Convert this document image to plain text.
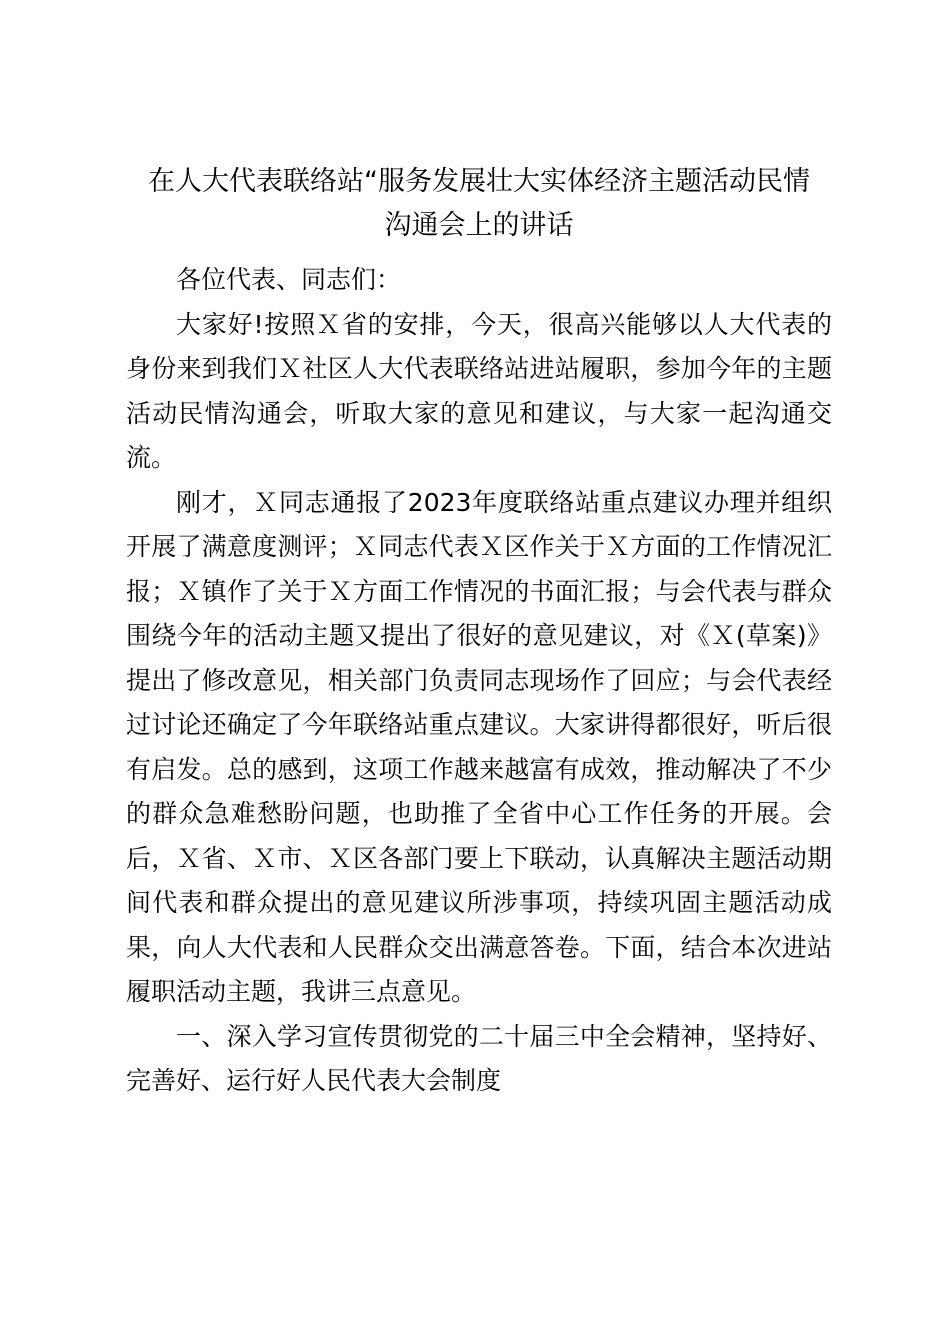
在人大代表联络站“服务发展壮大实体经济主题活动民情
沟通会上的讲话

各位代表、同志们：

大家好!按照Ｘ省的安排，今天，很高兴能够以人大代表的身份来到我们Ｘ社区人大代表联络站进站履职，参加今年的主题活动民情沟通会，听取大家的意见和建议，与大家一起沟通交流。

刚才，Ｘ同志通报了2023年度联络站重点建议办理并组织开展了满意度测评；Ｘ同志代表Ｘ区作关于Ｘ方面的工作情况汇报；Ｘ镇作了关于Ｘ方面工作情况的书面汇报；与会代表与群众围绕今年的活动主题又提出了很好的意见建议，对《Ｘ(草案)》提出了修改意见，相关部门负责同志现场作了回应；与会代表经过讨论还确定了今年联络站重点建议。大家讲得都很好，听后很有启发。总的感到，这项工作越来越富有成效，推动解决了不少的群众急难愁盼问题，也助推了全省中心工作任务的开展。会后，Ｘ省、Ｘ市、Ｘ区各部门要上下联动，认真解决主题活动期间代表和群众提出的意见建议所涉事项，持续巩固主题活动成果，向人大代表和人民群众交出满意答卷。下面，结合本次进站履职活动主题，我讲三点意见。

一、深入学习宣传贯彻党的二十届三中全会精神，坚持好、完善好、运行好人民代表大会制度
